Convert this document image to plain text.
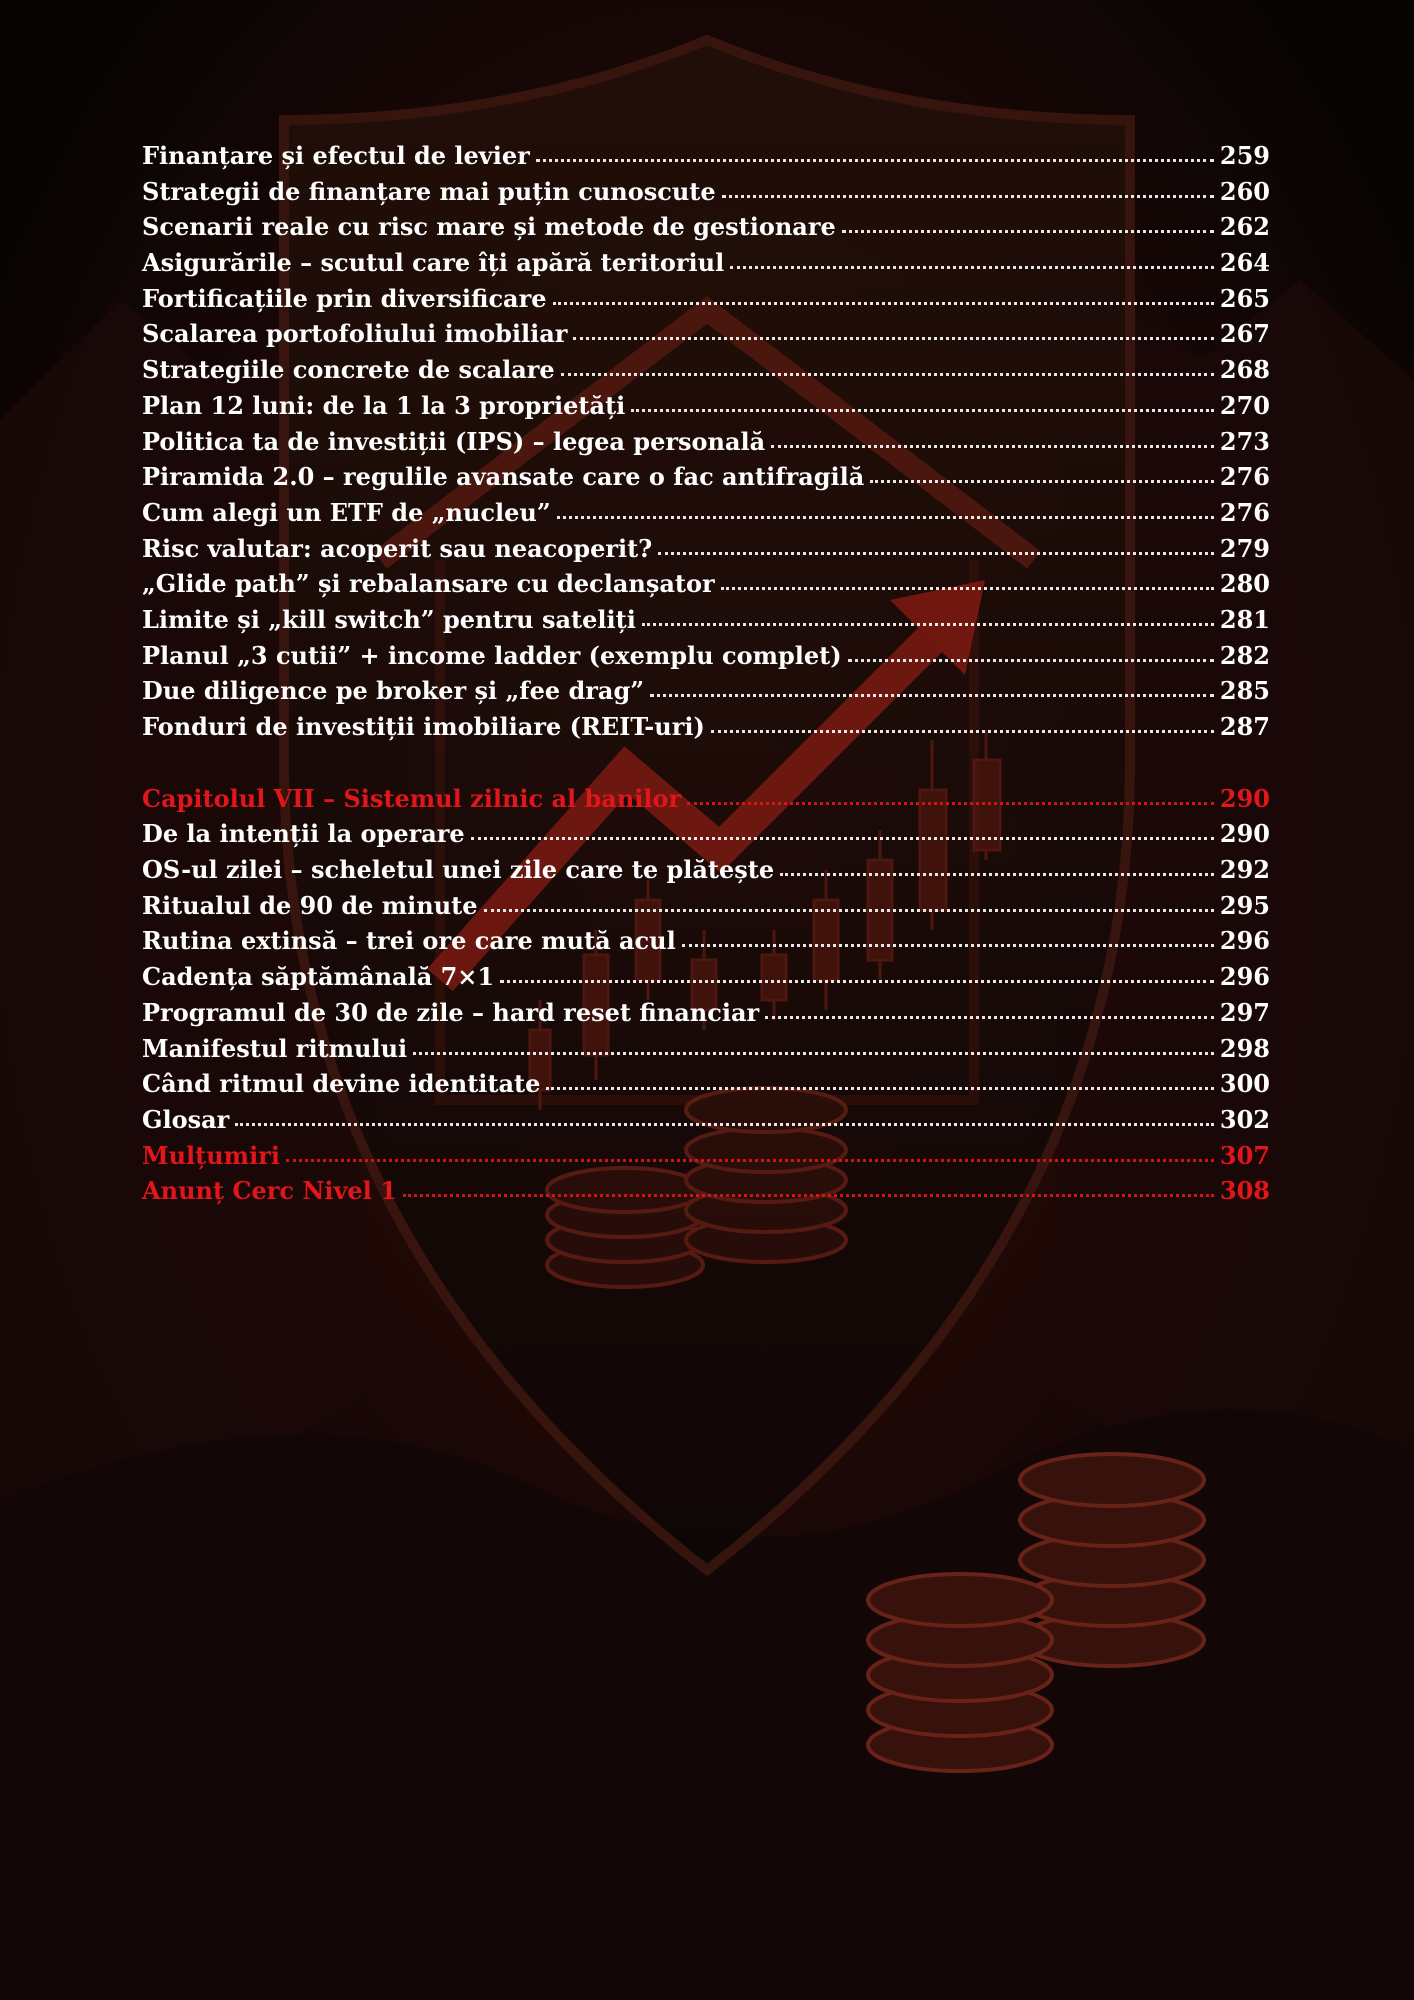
Finanțare și efectul de levier	259
Strategii de finanțare mai puțin cunoscute	260
Scenarii reale cu risc mare și metode de gestionare	262
Asigurările – scutul care îți apără teritoriul	264
Fortificațiile prin diversificare	265
Scalarea portofoliului imobiliar	267
Strategiile concrete de scalare	268
Plan 12 luni: de la 1 la 3 proprietăți	270
Politica ta de investiții (IPS) – legea personală	273
Piramida 2.0 – regulile avansate care o fac antifragilă	276
Cum alegi un ETF de „nucleu”	276
Risc valutar: acoperit sau neacoperit?	279
„Glide path” și rebalansare cu declanșator	280
Limite și „kill switch” pentru sateliți	281
Planul „3 cutii” + income ladder (exemplu complet)	282
Due diligence pe broker și „fee drag”	285
Fonduri de investiții imobiliare (REIT-uri)	287
Capitolul VII – Sistemul zilnic al banilor	290
De la intenții la operare	290
OS-ul zilei – scheletul unei zile care te plătește	292
Ritualul de 90 de minute	295
Rutina extinsă – trei ore care mută acul	296
Cadența săptămânală 7×1	296
Programul de 30 de zile – hard reset financiar	297
Manifestul ritmului	298
Când ritmul devine identitate	300
Glosar	302
Mulțumiri	307
Anunț Cerc Nivel 1	308
